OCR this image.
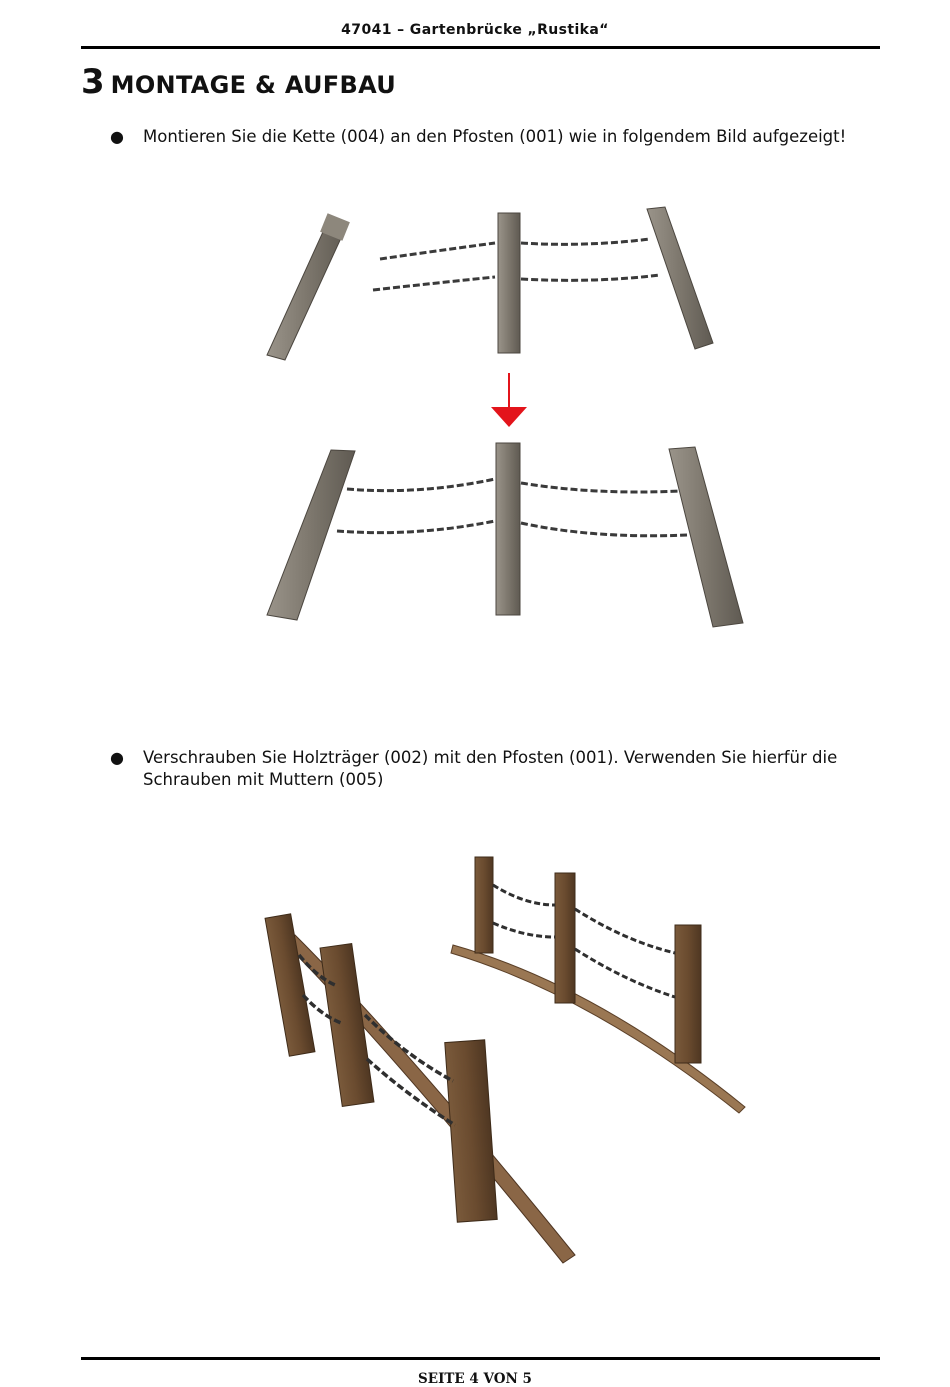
47041 – Gartenbrücke „Rustika“
3 MONTAGE & AUFBAU
● Montieren Sie die Kette (004) an den Pfosten (001) wie in folgendem Bild aufgezeigt!
● Verschrauben Sie Holzträger (002) mit den Pfosten (001). Verwenden Sie hierfür die Schrauben mit Muttern (005)
SEITE 4 VON 5
